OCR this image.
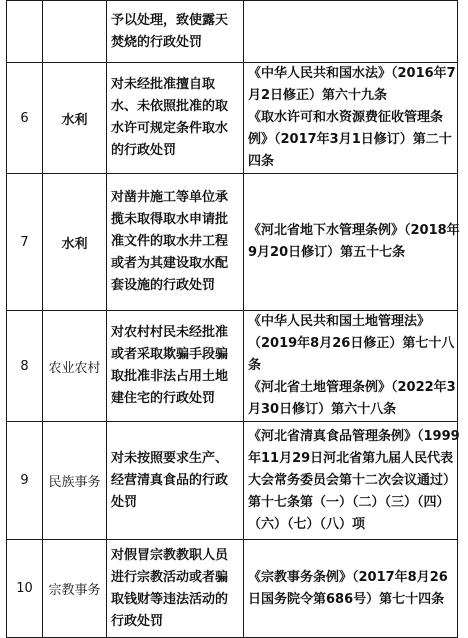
		予以处理，致使露天
焚烧的行政处罚	

6	水利	对未经批准擅自取
水、未依照批准的取
水许可规定条件取水
的行政处罚	《中华人民共和国水法》（2016年7
月2日修正）第六十九条
《取水许可和水资源费征收管理条
例》（2017年3月1日修订）第二十
四条

7	水利	对凿井施工等单位承
揽未取得取水申请批
准文件的取水井工程
或者为其建设取水配
套设施的行政处罚	《河北省地下水管理条例》（2018年
9月20日修订）第五十七条

8	农业农村	对农村村民未经批准
或者采取欺骗手段骗
取批准非法占用土地
建住宅的行政处罚	《中华人民共和国土地管理法》
（2019年8月26日修正）第七十八
条
《河北省土地管理条例》（2022年3
月30日修订）第六十八条

9	民族事务	对未按照要求生产、
经营清真食品的行政
处罚	《河北省清真食品管理条例》（1999
年11月29日河北省第九届人民代表
大会常务委员会第十二次会议通过）
第十七条第（一）（二）（三）（四）
（六）（七）（八）项

10	宗教事务	对假冒宗教教职人员
进行宗教活动或者骗
取钱财等违法活动的
行政处罚	《宗教事务条例》（2017年8月26
日国务院令第686号）第七十四条
